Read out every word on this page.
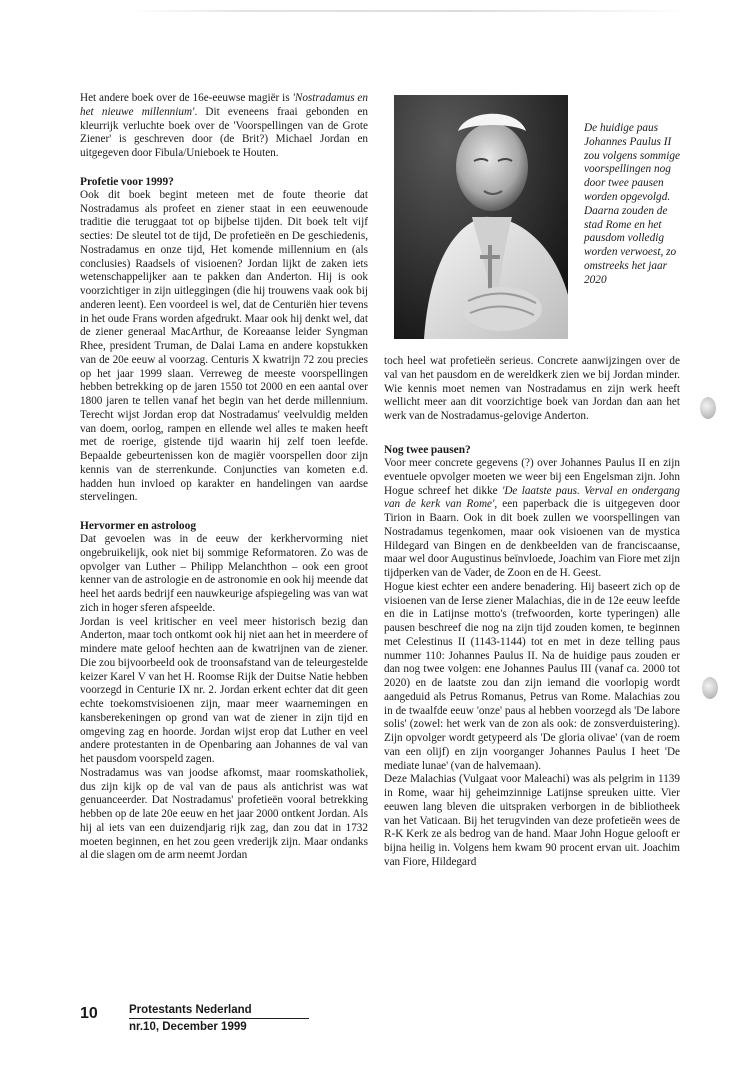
Het andere boek over de 16e-eeuwse magiër is 'Nostradamus en het nieuwe millennium'. Dit eveneens fraai gebonden en kleurrijk verluchte boek over de 'Voorspellingen van de Grote Ziener' is geschreven door (de Brit?) Michael Jordan en uitgegeven door Fibula/Unieboek te Houten.

Profetie voor 1999?

Ook dit boek begint meteen met de foute theorie dat Nostradamus als profeet en ziener staat in een eeuwenoude traditie die teruggaat tot op bijbelse tijden. Dit boek telt vijf secties: De sleutel tot de tijd, De profetieën en De geschiedenis, Nostradamus en onze tijd, Het komende millennium en (als conclusies) Raadsels of visioenen? Jordan lijkt de zaken iets wetenschappelijker aan te pakken dan Anderton. Hij is ook voorzichtiger in zijn uitleggingen (die hij trouwens vaak ook bij anderen leent). Een voordeel is wel, dat de Centuriën hier tevens in het oude Frans worden afgedrukt. Maar ook hij denkt wel, dat de ziener generaal MacArthur, de Koreaanse leider Syngman Rhee, president Truman, de Dalai Lama en andere kopstukken van de 20e eeuw al voorzag. Centuris X kwatrijn 72 zou precies op het jaar 1999 slaan. Verreweg de meeste voorspellingen hebben betrekking op de jaren 1550 tot 2000 en een aantal over 1800 jaren te tellen vanaf het begin van het derde millennium. Terecht wijst Jordan erop dat Nostradamus' veelvuldig melden van doem, oorlog, rampen en ellende wel alles te maken heeft met de roerige, gistende tijd waarin hij zelf toen leefde. Bepaalde gebeurtenissen kon de magiër voorspellen door zijn kennis van de sterrenkunde. Conjuncties van kometen e.d. hadden hun invloed op karakter en handelingen van aardse stervelingen.

Hervormer en astroloog

Dat gevoelen was in de eeuw der kerkhervorming niet ongebruikelijk, ook niet bij sommige Reformatoren. Zo was de opvolger van Luther – Philipp Melanchthon – ook een groot kenner van de astrologie en de astronomie en ook hij meende dat heel het aards bedrijf een nauwkeurige afspiegeling was van wat zich in hoger sferen afspeelde.

Jordan is veel kritischer en veel meer historisch bezig dan Anderton, maar toch ontkomt ook hij niet aan het in meerdere of mindere mate geloof hechten aan de kwatrijnen van de ziener. Die zou bijvoorbeeld ook de troonsafstand van de teleurgestelde keizer Karel V van het H. Roomse Rijk der Duitse Natie hebben voorzegd in Centurie IX nr. 2. Jordan erkent echter dat dit geen echte toekomstvisioenen zijn, maar meer waarnemingen en kansberekeningen op grond van wat de ziener in zijn tijd en omgeving zag en hoorde. Jordan wijst erop dat Luther en veel andere protestanten in de Openbaring aan Johannes de val van het pausdom voorspeld zagen.

Nostradamus was van joodse afkomst, maar roomskatholiek, dus zijn kijk op de val van de paus als antichrist was wat genuanceerder. Dat Nostradamus' profetieën vooral betrekking hebben op de late 20e eeuw en het jaar 2000 ontkent Jordan. Als hij al iets van een duizendjarig rijk zag, dan zou dat in 1732 moeten beginnen, en het zou geen vrederijk zijn. Maar ondanks al die slagen om de arm neemt Jordan

De huidige paus Johannes Paulus II zou volgens sommige voorspellingen nog door twee pausen worden opgevolgd. Daarna zouden de stad Rome en het pausdom volledig worden verwoest, zo omstreeks het jaar 2020

toch heel wat profetieën serieus. Concrete aanwijzingen over de val van het pausdom en de wereldkerk zien we bij Jordan minder. Wie kennis moet nemen van Nostradamus en zijn werk heeft wellicht meer aan dit voorzichtige boek van Jordan dan aan het werk van de Nostradamus-gelovige Anderton.

Nog twee pausen?

Voor meer concrete gegevens (?) over Johannes Paulus II en zijn eventuele opvolger moeten we weer bij een Engelsman zijn. John Hogue schreef het dikke 'De laatste paus. Verval en ondergang van de kerk van Rome', een paperback die is uitgegeven door Tirion in Baarn. Ook in dit boek zullen we voorspellingen van Nostradamus tegenkomen, maar ook visioenen van de mystica Hildegard van Bingen en de denkbeelden van de franciscaanse, maar wel door Augustinus beïnvloede, Joachim van Fiore met zijn tijdperken van de Vader, de Zoon en de H. Geest.

Hogue kiest echter een andere benadering. Hij baseert zich op de visioenen van de Ierse ziener Malachias, die in de 12e eeuw leefde en die in Latijnse motto's (trefwoorden, korte typeringen) alle pausen beschreef die nog na zijn tijd zouden komen, te beginnen met Celestinus II (1143-1144) tot en met in deze telling paus nummer 110: Johannes Paulus II. Na de huidige paus zouden er dan nog twee volgen: ene Johannes Paulus III (vanaf ca. 2000 tot 2020) en de laatste zou dan zijn iemand die voorlopig wordt aangeduid als Petrus Romanus, Petrus van Rome. Malachias zou in de twaalfde eeuw 'onze' paus al hebben voorzegd als 'De labore solis' (zowel: het werk van de zon als ook: de zonsverduistering). Zijn opvolger wordt getypeerd als 'De gloria olivae' (van de roem van een olijf) en zijn voorganger Johannes Paulus I heet 'De mediate lunae' (van de halvemaan).

Deze Malachias (Vulgaat voor Maleachi) was als pelgrim in 1139 in Rome, waar hij geheimzinnige Latijnse spreuken uitte. Vier eeuwen lang bleven die uitspraken verborgen in de bibliotheek van het Vaticaan. Bij het terugvinden van deze profetieën wees de R-K Kerk ze als bedrog van de hand. Maar John Hogue gelooft er bijna heilig in. Volgens hem kwam 90 procent ervan uit. Joachim van Fiore, Hildegard

10	Protestants Nederland
nr.10, December 1999
